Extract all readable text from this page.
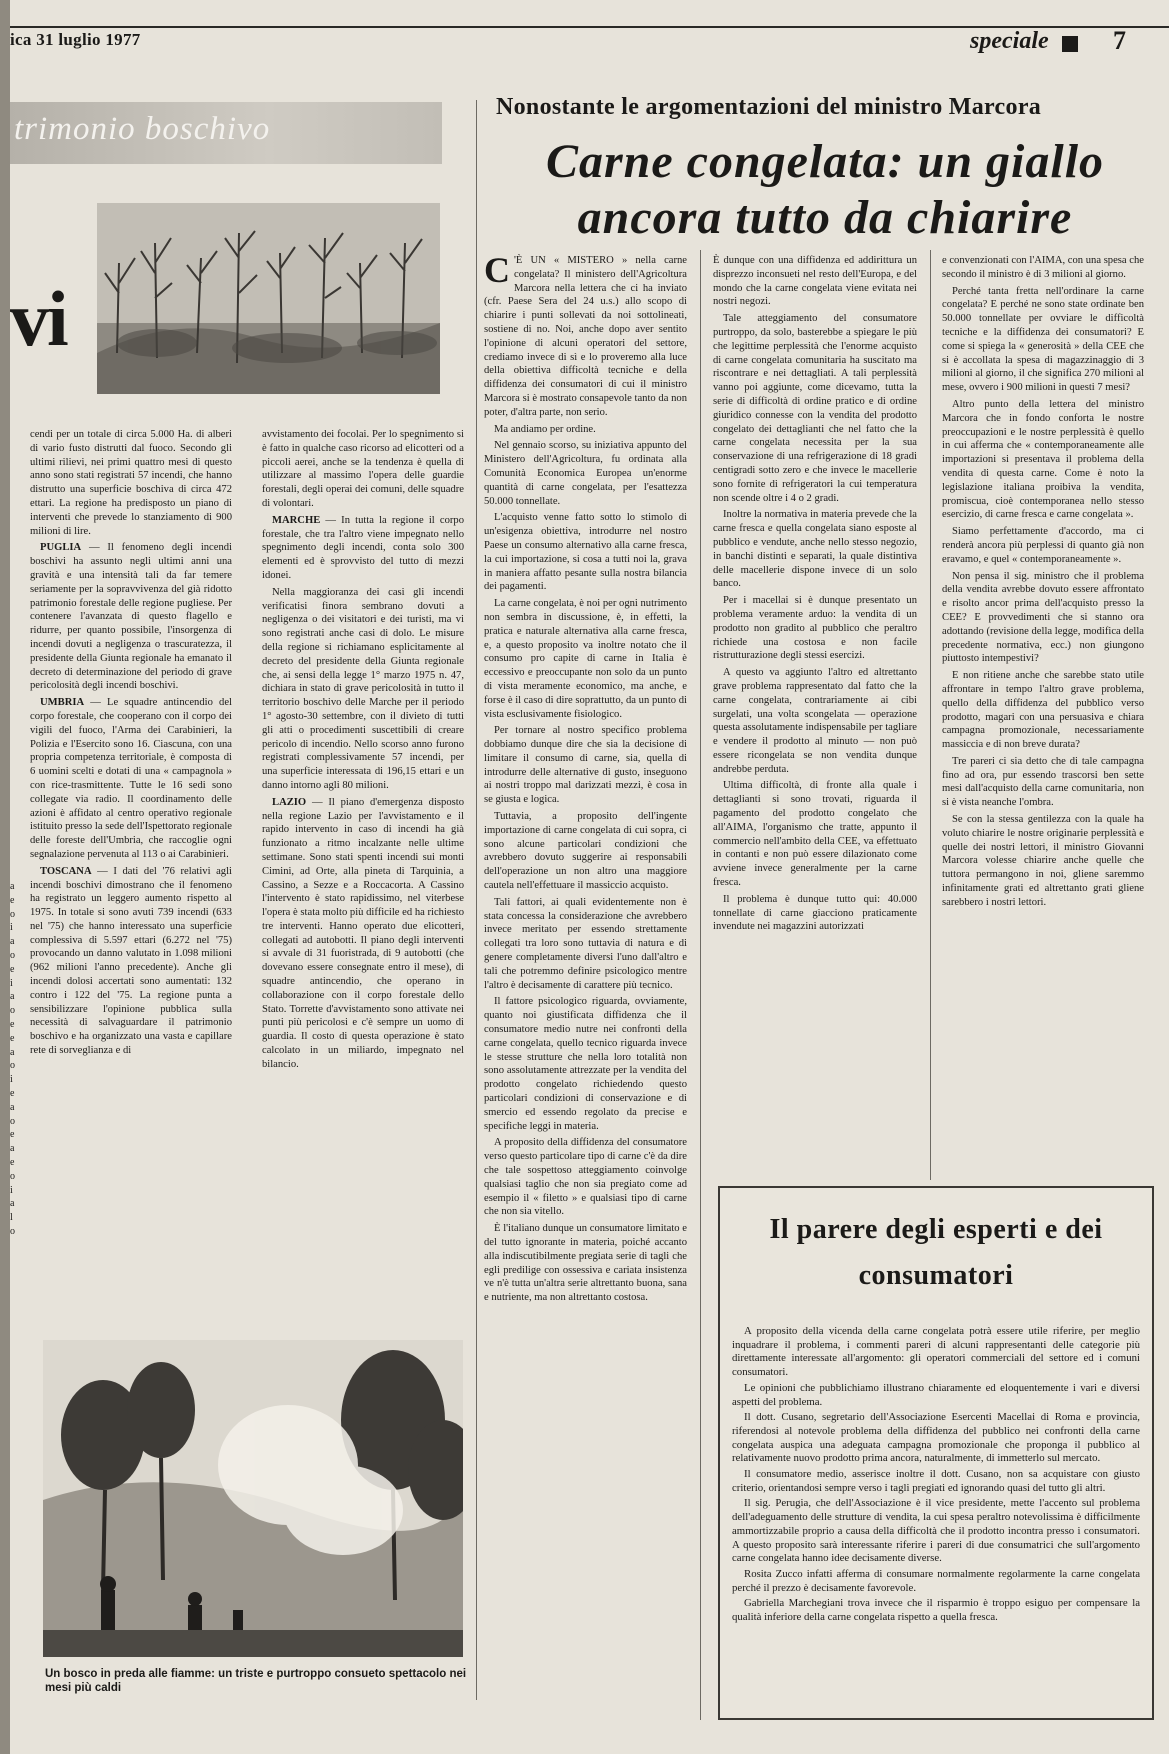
ica 31 luglio 1977	speciale 7
trimonio boschivo
vi
a
e
o
i
a
o
e
i
a
o
e
e
a
o
i
e
a
o
e
a
e
o
i
a
l
o

cendi per un totale di circa 5.000 Ha. di alberi di vario fusto distrutti dal fuoco. Secondo gli ultimi rilievi, nei primi quattro mesi di questo anno sono stati registrati 57 incendi, che hanno distrutto una superficie boschiva di circa 472 ettari. La regione ha predisposto un piano di interventi che prevede lo stanziamento di 900 milioni di lire.

PUGLIA — Il fenomeno degli incendi boschivi ha assunto negli ultimi anni una gravità e una intensità tali da far temere seriamente per la sopravvivenza del già ridotto patrimonio forestale delle regione pugliese. Per contenere l'avanzata di questo flagello e ridurre, per quanto possibile, l'insorgenza di incendi dovuti a negligenza o trascuratezza, il presidente della Giunta regionale ha emanato il decreto di determinazione del periodo di grave pericolosità degli incendi boschivi.

UMBRIA — Le squadre antincendio del corpo forestale, che cooperano con il corpo dei vigili del fuoco, l'Arma dei Carabinieri, la Polizia e l'Esercito sono 16. Ciascuna, con una propria competenza territoriale, è composta di 6 uomini scelti e dotati di una « campagnola » con rice-trasmittente. Tutte le 16 sedi sono collegate via radio. Il coordinamento delle azioni è affidato al centro operativo regionale istituito presso la sede dell'Ispettorato regionale delle foreste dell'Umbria, che raccoglie ogni segnalazione pervenuta al 113 o ai Carabinieri.

TOSCANA — I dati del '76 relativi agli incendi boschivi dimostrano che il fenomeno ha registrato un leggero aumento rispetto al 1975. In totale si sono avuti 739 incendi (633 nel '75) che hanno interessato una superficie complessiva di 5.597 ettari (6.272 nel '75) provocando un danno valutato in 1.098 milioni (962 milioni l'anno precedente). Anche gli incendi dolosi accertati sono aumentati: 132 contro i 122 del '75. La regione punta a sensibilizzare l'opinione pubblica sulla necessità di salvaguardare il patrimonio boschivo e ha organizzato una vasta e capillare rete di sorveglianza e di

avvistamento dei focolai. Per lo spegnimento si è fatto in qualche caso ricorso ad elicotteri od a piccoli aerei, anche se la tendenza è quella di utilizzare al massimo l'opera delle guardie forestali, degli operai dei comuni, delle squadre di volontari.

MARCHE — In tutta la regione il corpo forestale, che tra l'altro viene impegnato nello spegnimento degli incendi, conta solo 300 elementi ed è sprovvisto del tutto di mezzi idonei.

Nella maggioranza dei casi gli incendi verificatisi finora sembrano dovuti a negligenza o dei visitatori e dei turisti, ma vi sono registrati anche casi di dolo. Le misure della regione si richiamano esplicitamente al decreto del presidente della Giunta regionale che, ai sensi della legge 1° marzo 1975 n. 47, dichiara in stato di grave pericolosità in tutto il territorio boschivo delle Marche per il periodo 1° agosto-30 settembre, con il divieto di tutti gli atti o procedimenti suscettibili di creare pericolo di incendio. Nello scorso anno furono registrati complessivamente 57 incendi, per una superficie interessata di 196,15 ettari e un danno intorno agli 80 milioni.

LAZIO — Il piano d'emergenza disposto nella regione Lazio per l'avvistamento e il rapido intervento in caso di incendi ha già funzionato a ritmo incalzante nelle ultime settimane. Sono stati spenti incendi sui monti Cimini, ad Orte, alla pineta di Tarquinia, a Cassino, a Sezze e a Roccacorta. A Cassino l'intervento è stato rapidissimo, nel viterbese l'opera è stata molto più difficile ed ha richiesto tre interventi. Hanno operato due elicotteri, collegati ad autobotti. Il piano degli interventi si avvale di 31 fuoristrada, di 9 autobotti (che dovevano essere consegnate entro il mese), di squadre antincendio, che operano in collaborazione con il corpo forestale dello Stato. Torrette d'avvistamento sono attivate nei punti più pericolosi e c'è sempre un uomo di guardia. Il costo di questa operazione è stato calcolato in un miliardo, impegnato nel bilancio.

Nonostante le argomentazioni del ministro Marcora
Carne congelata: un giallo ancora tutto da chiarire

C 'È UN « MISTERO » nella carne congelata? Il ministero dell'Agricoltura Marcora nella lettera che ci ha inviato (cfr. Paese Sera del 24 u.s.) allo scopo di chiarire i punti sollevati da noi sottolineati, sostiene di no. Noi, anche dopo aver sentito l'opinione di alcuni operatori del settore, crediamo invece di sì e lo proveremo alla luce della obiettiva difficoltà tecniche e della diffidenza dei consumatori di cui il ministro Marcora si è mostrato consapevole tanto da non poter, d'altra parte, non serio.

Ma andiamo per ordine.

Nel gennaio scorso, su iniziativa appunto del Ministero dell'Agricoltura, fu ordinata alla Comunità Economica Europea un'enorme quantità di carne congelata, per l'esattezza 50.000 tonnellate.

L'acquisto venne fatto sotto lo stimolo di un'esigenza obiettiva, introdurre nel nostro Paese un consumo alternativo alla carne fresca, la cui importazione, si cosa a tutti noi la, grava in maniera affatto pesante sulla nostra bilancia dei pagamenti.

La carne congelata, è noi per ogni nutrimento non sembra in discussione, è, in effetti, la pratica e naturale alternativa alla carne fresca, e, a questo proposito va inoltre notato che il consumo pro capite di carne in Italia è eccessivo e preoccupante non solo da un punto di vista meramente economico, ma anche, e forse è il caso di dire soprattutto, da un punto di vista esclusivamente fisiologico.

Per tornare al nostro specifico problema dobbiamo dunque dire che sia la decisione di limitare il consumo di carne, sia, quella di introdurre delle alternative di gusto, inseguono ai nostri troppo mal darizzati mezzi, è cosa in se giusta e logica.

Tuttavia, a proposito dell'ingente importazione di carne congelata di cui sopra, ci sono alcune particolari condizioni che avrebbero dovuto suggerire ai responsabili dell'operazione un non altro una maggiore cautela nell'effettuare il massiccio acquisto.

Tali fattori, ai quali evidentemente non è stata concessa la considerazione che avrebbero invece meritato per essendo strettamente collegati tra loro sono tuttavia di natura e di genere completamente diversi l'uno dall'altro e tali che potremmo definire psicologico mentre l'altro è decisamente di carattere più tecnico.

Il fattore psicologico riguarda, ovviamente, quanto noi giustificata diffidenza che il consumatore medio nutre nei confronti della carne congelata, quello tecnico riguarda invece le stesse strutture che nella loro totalità non sono assolutamente attrezzate per la vendita del prodotto congelato richiedendo questo particolari condizioni di conservazione e di smercio ed essendo regolato da precise e specifiche leggi in materia.

A proposito della diffidenza del consumatore verso questo particolare tipo di carne c'è da dire che tale sospettoso atteggiamento coinvolge qualsiasi taglio che non sia pregiato come ad esempio il « filetto » e qualsiasi tipo di carne che non sia vitello.

È l'italiano dunque un consumatore limitato e del tutto ignorante in materia, poiché accanto alla indiscutibilmente pregiata serie di tagli che egli predilige con ossessiva e cariata insistenza ve n'è tutta un'altra serie altrettanto buona, sana e nutriente, ma non altrettanto costosa.

È dunque con una diffidenza ed addirittura un disprezzo inconsueti nel resto dell'Europa, e del mondo che la carne congelata viene evitata nei nostri negozi.

Tale atteggiamento del consumatore purtroppo, da solo, basterebbe a spiegare le più che legittime perplessità che l'enorme acquisto di carne congelata comunitaria ha suscitato ma riscontrare e nei dettagliati. A tali perplessità vanno poi aggiunte, come dicevamo, tutta la serie di difficoltà di ordine pratico e di ordine giuridico connesse con la vendita del prodotto congelato dei dettaglianti che nel fatto che la carne congelata necessita per la sua conservazione di una refrigerazione di 18 gradi centigradi sotto zero e che invece le macellerie sono fornite di refrigeratori la cui temperatura non scende oltre i 4 o 2 gradi.

Inoltre la normativa in materia prevede che la carne fresca e quella congelata siano esposte al pubblico e vendute, anche nello stesso negozio, in banchi distinti e separati, la quale distintiva delle macellerie dispone invece di un solo banco.

Per i macellai si è dunque presentato un problema veramente arduo: la vendita di un prodotto non gradito al pubblico che peraltro richiede una costosa e non facile ristrutturazione degli stessi esercizi.

A questo va aggiunto l'altro ed altrettanto grave problema rappresentato dal fatto che la carne congelata, contrariamente ai cibi surgelati, una volta scongelata — operazione questa assolutamente indispensabile per tagliare e vendere il prodotto al minuto — non può essere ricongelata se non vendita dunque andrebbe perduta.

Ultima difficoltà, di fronte alla quale i dettaglianti si sono trovati, riguarda il pagamento del prodotto congelato che all'AIMA, l'organismo che tratte, appunto il commercio nell'ambito della CEE, va effettuato in contanti e non può essere dilazionato come avviene invece generalmente per la carne fresca.

Il problema è dunque tutto qui: 40.000 tonnellate di carne giacciono praticamente invendute nei magazzini autorizzati

e convenzionati con l'AIMA, con una spesa che secondo il ministro è di 3 milioni al giorno.

Perché tanta fretta nell'ordinare la carne congelata? E perché ne sono state ordinate ben 50.000 tonnellate per ovviare le difficoltà tecniche e la diffidenza dei consumatori? E come si spiega la « generosità » della CEE che si è accollata la spesa di magazzinaggio di 3 milioni al giorno, il che significa 270 milioni al mese, ovvero i 900 milioni in questi 7 mesi?

Altro punto della lettera del ministro Marcora che in fondo conforta le nostre preoccupazioni e le nostre perplessità è quello in cui afferma che « contemporaneamente alle importazioni si presentava il problema della vendita di questa carne. Come è noto la legislazione italiana proibiva la vendita, promiscua, cioè contemporanea nello stesso esercizio, di carne fresca e carne congelata ».

Siamo perfettamente d'accordo, ma ci renderà ancora più perplessi di quanto già non eravamo, e quel « contemporaneamente ».

Non pensa il sig. ministro che il problema della vendita avrebbe dovuto essere affrontato e risolto ancor prima dell'acquisto presso la CEE? E provvedimenti che si stanno ora adottando (revisione della legge, modifica della precedente normativa, ecc.) non giungono piuttosto intempestivi?

E non ritiene anche che sarebbe stato utile affrontare in tempo l'altro grave problema, quello della diffidenza del pubblico verso prodotto, magari con una persuasiva e chiara campagna promozionale, necessariamente massiccia e di non breve durata?

Tre pareri ci sia detto che di tale campagna fino ad ora, pur essendo trascorsi ben sette mesi dall'acquisto della carne comunitaria, non si è vista neanche l'ombra.

Se con la stessa gentilezza con la quale ha voluto chiarire le nostre originarie perplessità e quelle dei nostri lettori, il ministro Giovanni Marcora volesse chiarire anche quelle che tuttora permangono in noi, gliene saremmo infinitamente grati ed altrettanto grati gliene sarebbero i nostri lettori.

Un bosco in preda alle fiamme: un triste e purtroppo consueto spettacolo nei mesi più caldi
Il parere degli esperti e dei consumatori

A proposito della vicenda della carne congelata potrà essere utile riferire, per meglio inquadrare il problema, i commenti pareri di alcuni rappresentanti delle categorie più direttamente interessate all'argomento: gli operatori commerciali del settore ed i comuni consumatori.

Le opinioni che pubblichiamo illustrano chiaramente ed eloquentemente i vari e diversi aspetti del problema.

Il dott. Cusano, segretario dell'Associazione Esercenti Macellai di Roma e provincia, riferendosi al notevole problema della diffidenza del pubblico nei confronti della carne congelata auspica una adeguata campagna promozionale che proponga il pubblico al relativamente nuovo prodotto prima ancora, naturalmente, di immetterlo sul mercato.

Il consumatore medio, asserisce inoltre il dott. Cusano, non sa acquistare con giusto criterio, orientandosi sempre verso i tagli pregiati ed ignorando quasi del tutto gli altri.

Il sig. Perugia, che dell'Associazione è il vice presidente, mette l'accento sul problema dell'adeguamento delle strutture di vendita, la cui spesa peraltro notevolissima è difficilmente ammortizzabile proprio a causa della difficoltà che il prodotto incontra presso i consumatori. A questo proposito sarà interessante riferire i pareri di due consumatrici che sull'argomento carne congelata hanno idee decisamente diverse.

Rosita Zucco infatti afferma di consumare normalmente regolarmente la carne congelata perché il prezzo è decisamente favorevole.

Gabriella Marchegiani trova invece che il risparmio è troppo esiguo per compensare la qualità inferiore della carne congelata rispetto a quella fresca.
